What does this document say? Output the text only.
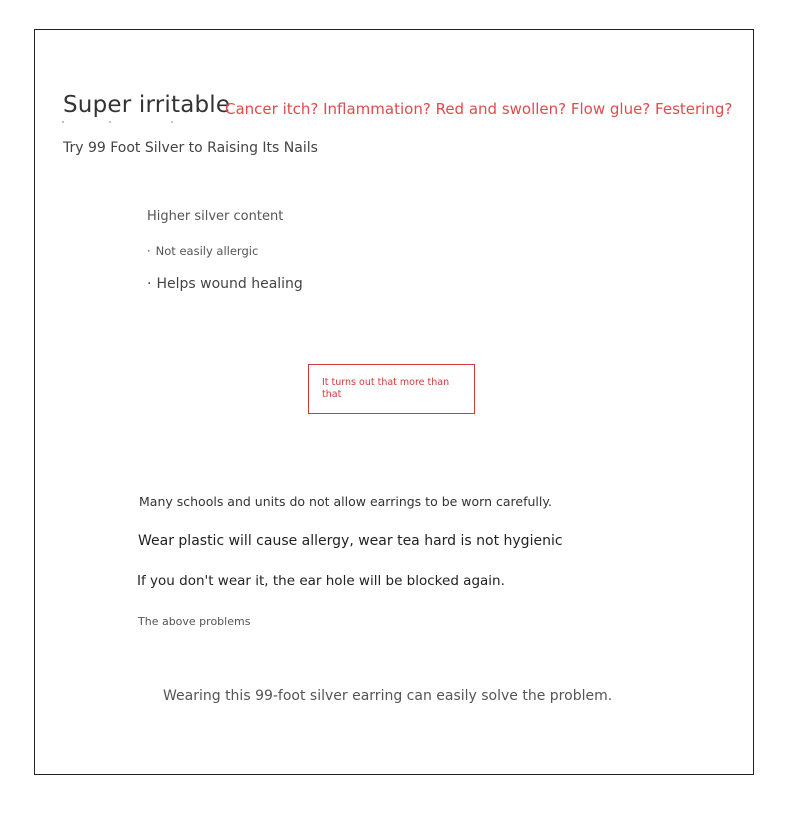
Super irritable
Cancer itch? Inflammation? Red and swollen? Flow glue? Festering?
Try 99 Foot Silver to Raising Its Nails
Higher silver content
· Not easily allergic
· Helps wound healing
It turns out that more than that
Many schools and units do not allow earrings to be worn carefully.
Wear plastic will cause allergy, wear tea hard is not hygienic
If you don't wear it, the ear hole will be blocked again.
The above problems
Wearing this 99-foot silver earring can easily solve the problem.
